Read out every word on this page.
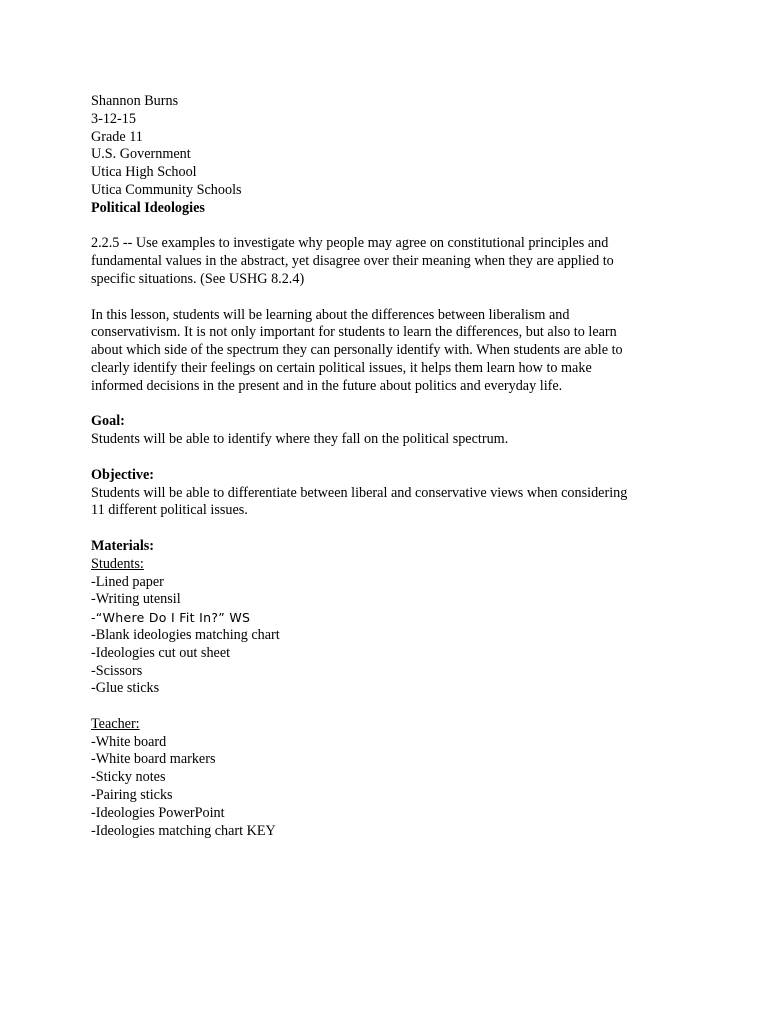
Shannon Burns
3-12-15
Grade 11
U.S. Government
Utica High School
Utica Community Schools
Political Ideologies
2.2.5 -- Use examples to investigate why people may agree on constitutional principles and
fundamental values in the abstract, yet disagree over their meaning when they are applied to
specific situations. (See USHG 8.2.4)
In this lesson, students will be learning about the differences between liberalism and
conservativism. It is not only important for students to learn the differences, but also to learn
about which side of the spectrum they can personally identify with. When students are able to
clearly identify their feelings on certain political issues, it helps them learn how to make
informed decisions in the present and in the future about politics and everyday life.
Goal:
Students will be able to identify where they fall on the political spectrum.
Objective:
Students will be able to differentiate between liberal and conservative views when considering
11 different political issues.
Materials:
Students:
-Lined paper
-Writing utensil
-“Where Do I Fit In?” WS
-Blank ideologies matching chart
-Ideologies cut out sheet
-Scissors
-Glue sticks
Teacher:
-White board
-White board markers
-Sticky notes
-Pairing sticks
-Ideologies PowerPoint
-Ideologies matching chart KEY
